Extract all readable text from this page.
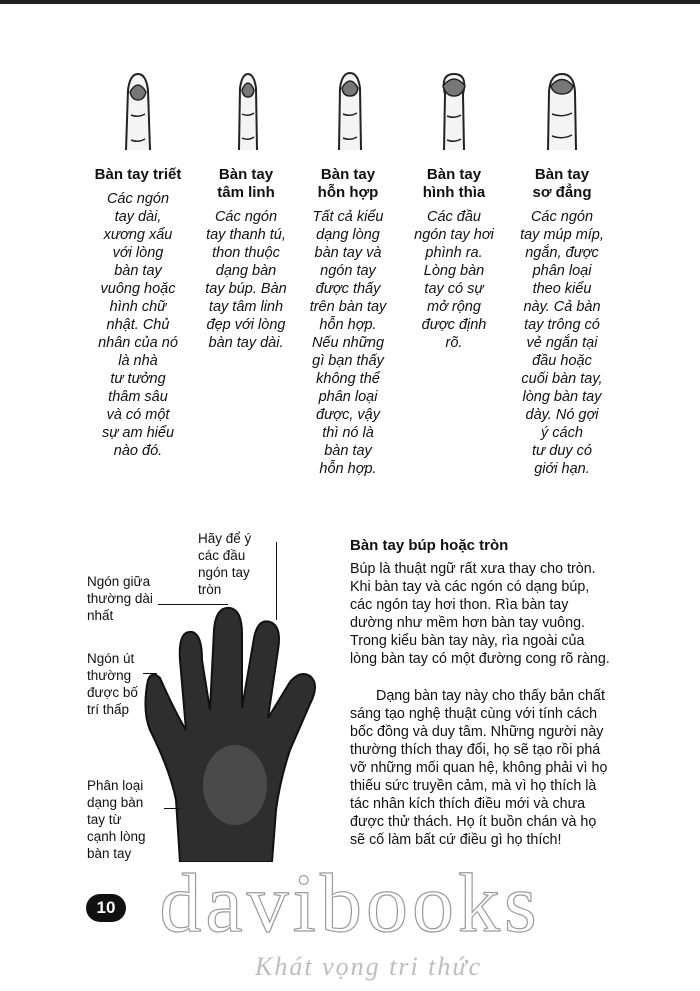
Bàn tay triết
Các ngón
tay dài,
xương xẩu
với lòng
bàn tay
vuông hoặc
hình chữ
nhật. Chủ
nhân của nó
là nhà
tư tưởng
thâm sâu
và có một
sự am hiểu
nào đó.
Bàn tay
tâm linh
Các ngón
tay thanh tú,
thon thuộc
dạng bàn
tay búp. Bàn
tay tâm linh
đẹp với lòng
bàn tay dài.
Bàn tay
hỗn hợp
Tất cả kiểu
dạng lòng
bàn tay và
ngón tay
được thấy
trên bàn tay
hỗn hợp.
Nếu những
gì bạn thấy
không thể
phân loại
được, vậy
thì nó là
bàn tay
hỗn hợp.
Bàn tay
hình thìa
Các đầu
ngón tay hơi
phình ra.
Lòng bàn
tay có sự
mở rộng
được định
rõ.
Bàn tay
sơ đẳng
Các ngón
tay múp míp,
ngắn, được
phân loại
theo kiểu
này. Cả bàn
tay trông có
vẻ ngắn tại
đầu hoặc
cuối bàn tay,
lòng bàn tay
dày. Nó gợi
ý cách
tư duy có
giới hạn.
Hãy để ý
các đầu
ngón tay
tròn
Ngón giữa
thường dài
nhất
Ngón út
thường
được bố
trí thấp
Phân loại
dạng bàn
tay từ
cạnh lòng
bàn tay
Bàn tay búp hoặc tròn
Búp là thuật ngữ rất xưa thay cho tròn. Khi bàn tay và các ngón có dạng búp, các ngón tay hơi thon. Rìa bàn tay dường như mềm hơn bàn tay vuông. Trong kiểu bàn tay này, rìa ngoài của lòng bàn tay có một đường cong rõ ràng.
Dạng bàn tay này cho thấy bản chất sáng tạo nghệ thuật cùng với tính cách bốc đồng và duy tâm. Những người này thường thích thay đổi, họ sẽ tạo rồi phá vỡ những mối quan hệ, không phải vì họ thiếu sức truyền cảm, mà vì họ thích là tác nhân kích thích điều mới và chưa được thử thách. Họ ít buồn chán và họ sẽ cố làm bất cứ điều gì họ thích!
davibooks
Khát vọng tri thức
10
